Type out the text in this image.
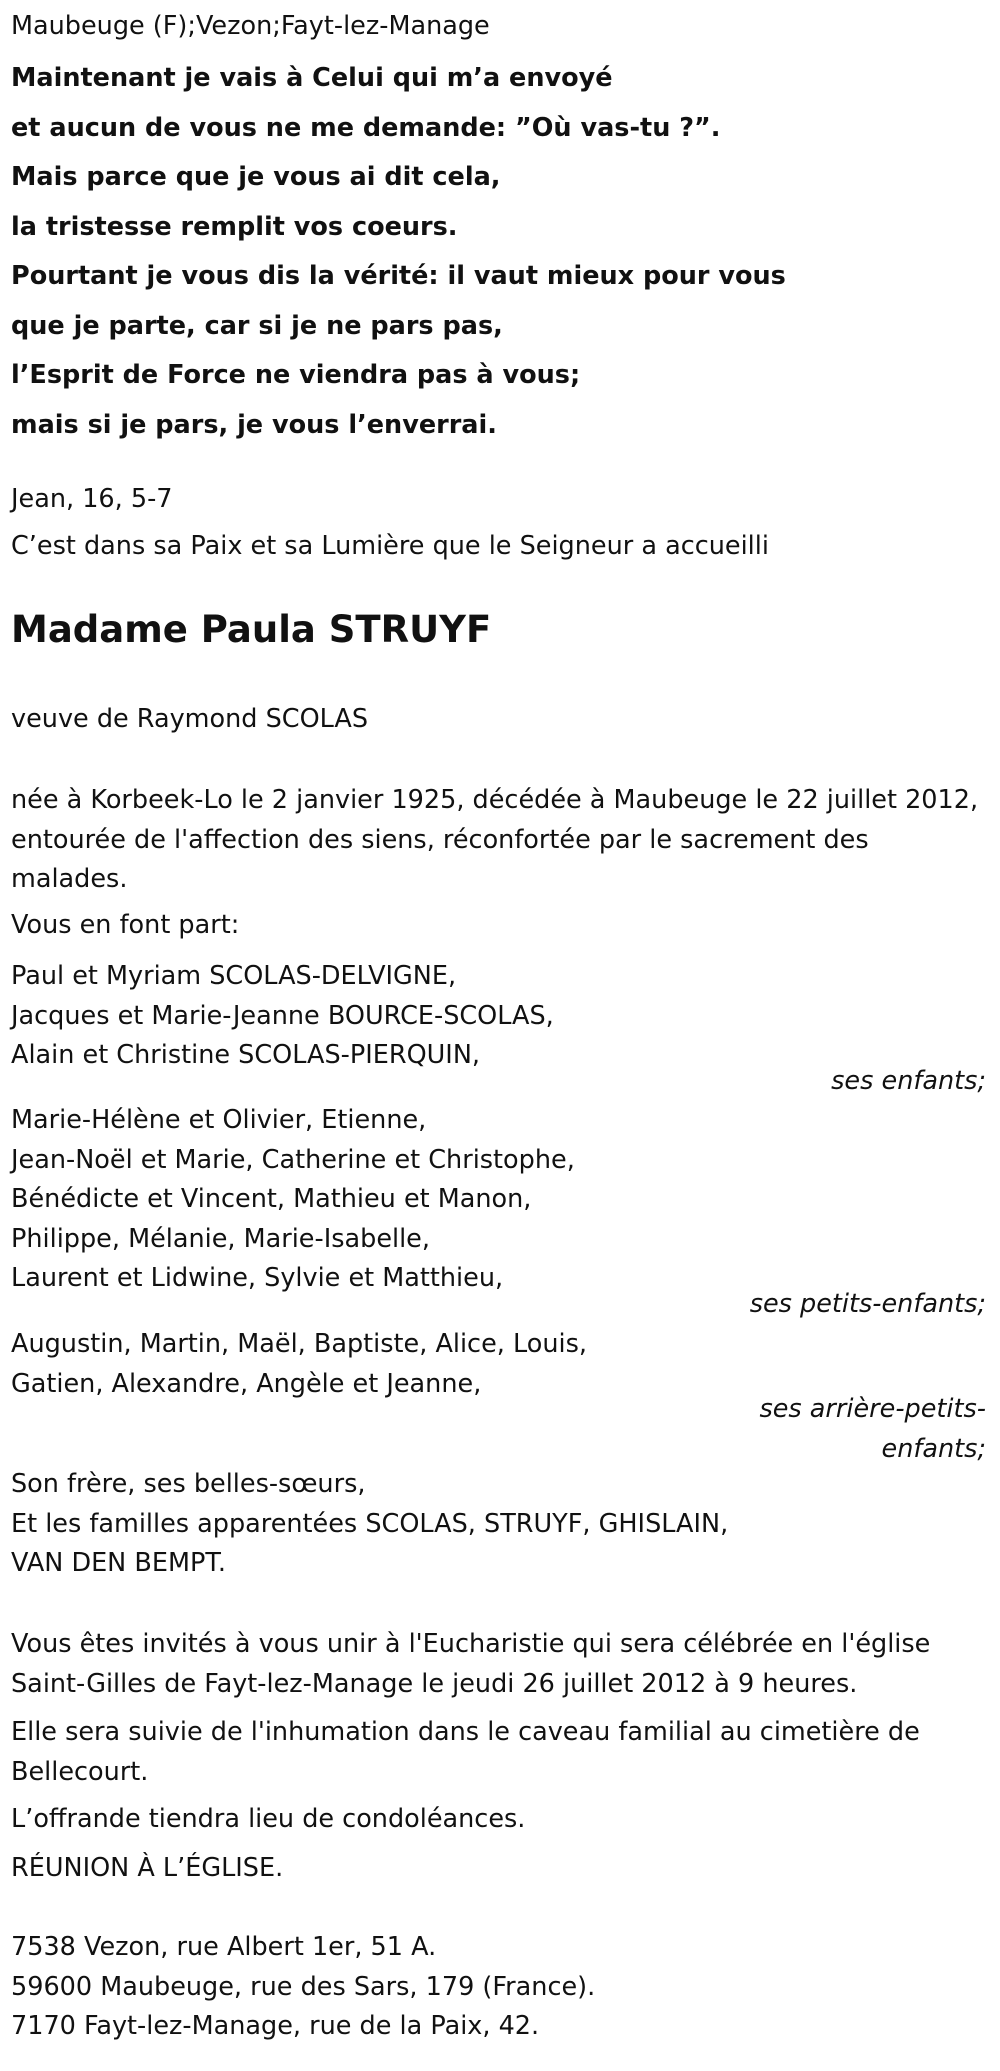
Maubeuge (F);Vezon;Fayt-lez-Manage
Maintenant je vais à Celui qui m’a envoyé
et aucun de vous ne me demande: ”Où vas-tu ?”.
Mais parce que je vous ai dit cela,
la tristesse remplit vos coeurs.
Pourtant je vous dis la vérité: il vaut mieux pour vous
que je parte, car si je ne pars pas,
l’Esprit de Force ne viendra pas à vous;
mais si je pars, je vous l’enverrai.
Jean, 16, 5-7
C’est dans sa Paix et sa Lumière que le Seigneur a accueilli
Madame Paula STRUYF
veuve de Raymond SCOLAS
née à Korbeek-Lo le 2 janvier 1925, décédée à Maubeuge le 22 juillet 2012, entourée de l'affection des siens, réconfortée par le sacrement des malades.
Vous en font part:
Paul et Myriam SCOLAS-DELVIGNE,
Jacques et Marie-Jeanne BOURCE-SCOLAS,
Alain et Christine SCOLAS-PIERQUIN,
ses enfants;
Marie-Hélène et Olivier, Etienne,
Jean-Noël et Marie, Catherine et Christophe,
Bénédicte et Vincent, Mathieu et Manon,
Philippe, Mélanie, Marie-Isabelle,
Laurent et Lidwine, Sylvie et Matthieu,
ses petits-enfants;
Augustin, Martin, Maël, Baptiste, Alice, Louis,
Gatien, Alexandre, Angèle et Jeanne,
ses arrière-petits-enfants;
Son frère, ses belles-sœurs,
Et les familles apparentées SCOLAS, STRUYF, GHISLAIN,
VAN DEN BEMPT.
Vous êtes invités à vous unir à l'Eucharistie qui sera célébrée en l'église Saint-Gilles de Fayt-lez-Manage le jeudi 26 juillet 2012 à 9 heures.
Elle sera suivie de l'inhumation dans le caveau familial au cimetière de Bellecourt.
L’offrande tiendra lieu de condoléances.
RÉUNION À L’ÉGLISE.
7538 Vezon, rue Albert 1er, 51 A.
59600 Maubeuge, rue des Sars, 179 (France).
7170 Fayt-lez-Manage, rue de la Paix, 42.
